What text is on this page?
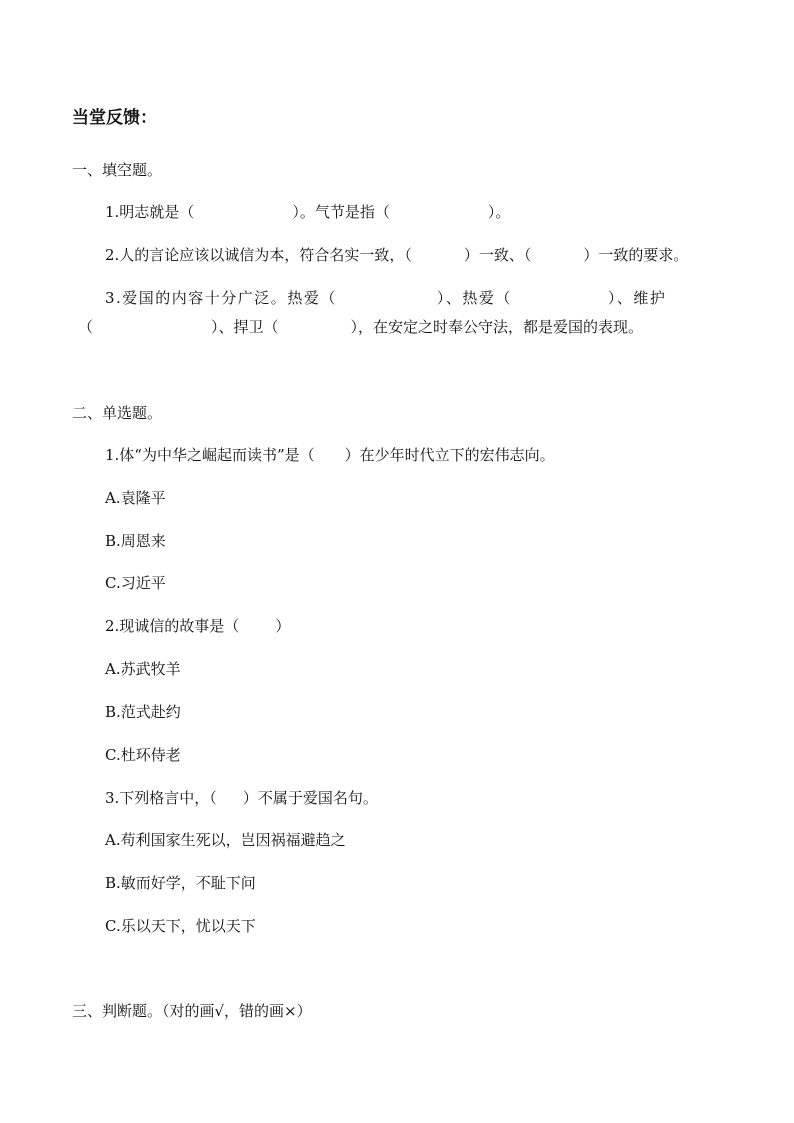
当堂反馈：
一、填空题。
1.明志就是（	）。气节是指（	）。
2.人的言论应该以诚信为本，符合名实一致，（	）一致、（	）一致的要求。
3.爱国的内容十分广泛。热爱（	）、热爱（	）、维护
（	）、捍卫（	），在安定之时奉公守法，都是爱国的表现。
二、单选题。
1.体“为中华之崛起而读书”是（ ）在少年时代立下的宏伟志向。
A.袁隆平
B.周恩来
C.习近平
2.现诚信的故事是（ ）
A.苏武牧羊
B.范式赴约
C.杜环侍老
3.下列格言中，（ ）不属于爱国名句。
A.苟利国家生死以，岂因祸福避趋之
B.敏而好学，不耻下问
C.乐以天下，忧以天下
三、判断题。（对的画√，错的画×）
